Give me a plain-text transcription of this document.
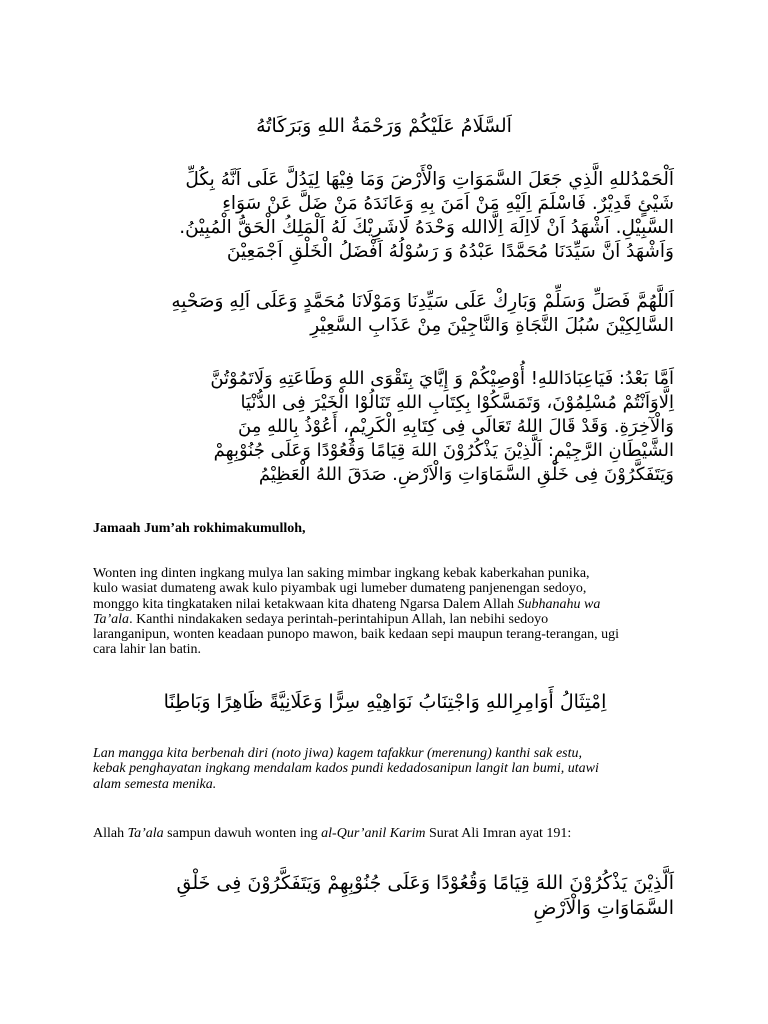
اَلسَّلَامُ عَلَيْكُمْ وَرَحْمَةُ اللهِ وَبَرَكَاتُهُ

اَلْحَمْدُللهِ الَّذِي جَعَلَ السَّمَوَاتِ وَالْأَرْضَ وَمَا فِيْهَا لِيَدُلَّ عَلَى اَنَّهُ بِكُلِّ

شَيْئٍ قَدِيْرٌ. فَاسْلَمَ اِلَيْهِ مَنْ اَمَنَ بِهِ وَعَانَدَهُ مَنْ ضَلَّ عَنْ سَوَاءِ

السَّبِيْلِ. اَشْهَدُ اَنْ لَااِلَهَ اِلَّاالله وَحْدَهُ لَاشَرِيْكَ لَهُ اَلْمَلِكُ الْحَقُّ الْمُبِيْنُ.

وَاَشْهَدُ اَنَّ سَيِّدَنَا مُحَمَّدًا عَبْدُهُ وَ رَسُوْلُهُ اَفْضَلُ الْخَلْقِ اَجْمَعِيْنَ

اَللَّهُمَّ فَصَلِّ وَسَلِّمْ وَبَارِكْ عَلَى سَيِّدِنَا وَمَوْلَانَا مُحَمَّدٍ وَعَلَى اَلِهِ وَصَحْبِهِ

السَّالِكِيْنَ سُبُلَ النَّجَاةِ وَالنَّاجِيْنَ مِنْ عَذَابِ السَّعِيْرِ

اَمَّا بَعْدُ: فَيَاعِبَادَاللهِ! أُوْصِيْكُمْ وَ إِيَّايَ بِتَقْوَى اللهِ وَطَاعَتِهِ وَلَاتَمُوْتُنَّ

اِلَّاوَاَنْتُمْ مُسْلِمُوْنَ، وَتَمَسَّكُوْا بِكِتَابِ اللهِ تَنَالُوْا الْخَيْرَ فِى الدُّنْيَا

وَالْآخِرَةِ. وَقَدْ قَالَ اللهُ تَعَالَى فِى كِتَابِهِ الْكَرِيْمِ، أَعُوْذُ بِاللهِ مِنَ

الشَّيْطَانِ الرَّجِيْمِ: اَلَّذِيْنَ يَذْكُرُوْنَ اللهَ قِيَامًا وَقُعُوْدًا وَعَلَى جُنُوْبِهِمْ

وَيَتَفَكَّرُوْنَ فِى خَلْقِ السَّمَاوَاتِ وَالْاَرْضِ. صَدَقَ اللهُ الْعَظِيْمُ

Jamaah Jum’ah rokhimakumulloh,
Wonten ing dinten ingkang mulya lan saking mimbar ingkang kebak kaberkahan punika,
kulo wasiat dumateng awak kulo piyambak ugi lumeber dumateng panjenengan sedoyo,
monggo kita tingkataken nilai ketakwaan kita dhateng Ngarsa Dalem Allah Subhanahu wa
Ta’ala. Kanthi nindakaken sedaya perintah-perintahipun Allah, lan nebihi sedoyo
laranganipun, wonten keadaan punopo mawon, baik kedaan sepi maupun terang-terangan, ugi
cara lahir lan batin.
اِمْتِثَالُ أَوَامِرِاللهِ وَاجْتِنَابُ نَوَاهِيْهِ سِرًّا وَعَلَانِيَّةً ظَاهِرًا وَبَاطِنًا
Lan mangga kita berbenah diri (noto jiwa) kagem tafakkur (merenung) kanthi sak estu,
kebak penghayatan ingkang mendalam kados pundi kedadosanipun langit lan bumi, utawi
alam semesta menika.
Allah Ta’ala sampun dawuh wonten ing al-Qur’anil Karim Surat Ali Imran ayat 191:

اَلَّذِيْنَ يَذْكُرُوْنَ اللهَ قِيَامًا وَقُعُوْدًا وَعَلَى جُنُوْبِهِمْ وَيَتَفَكَّرُوْنَ فِى خَلْقِ

السَّمَاوَاتِ وَالْاَرْضِ
